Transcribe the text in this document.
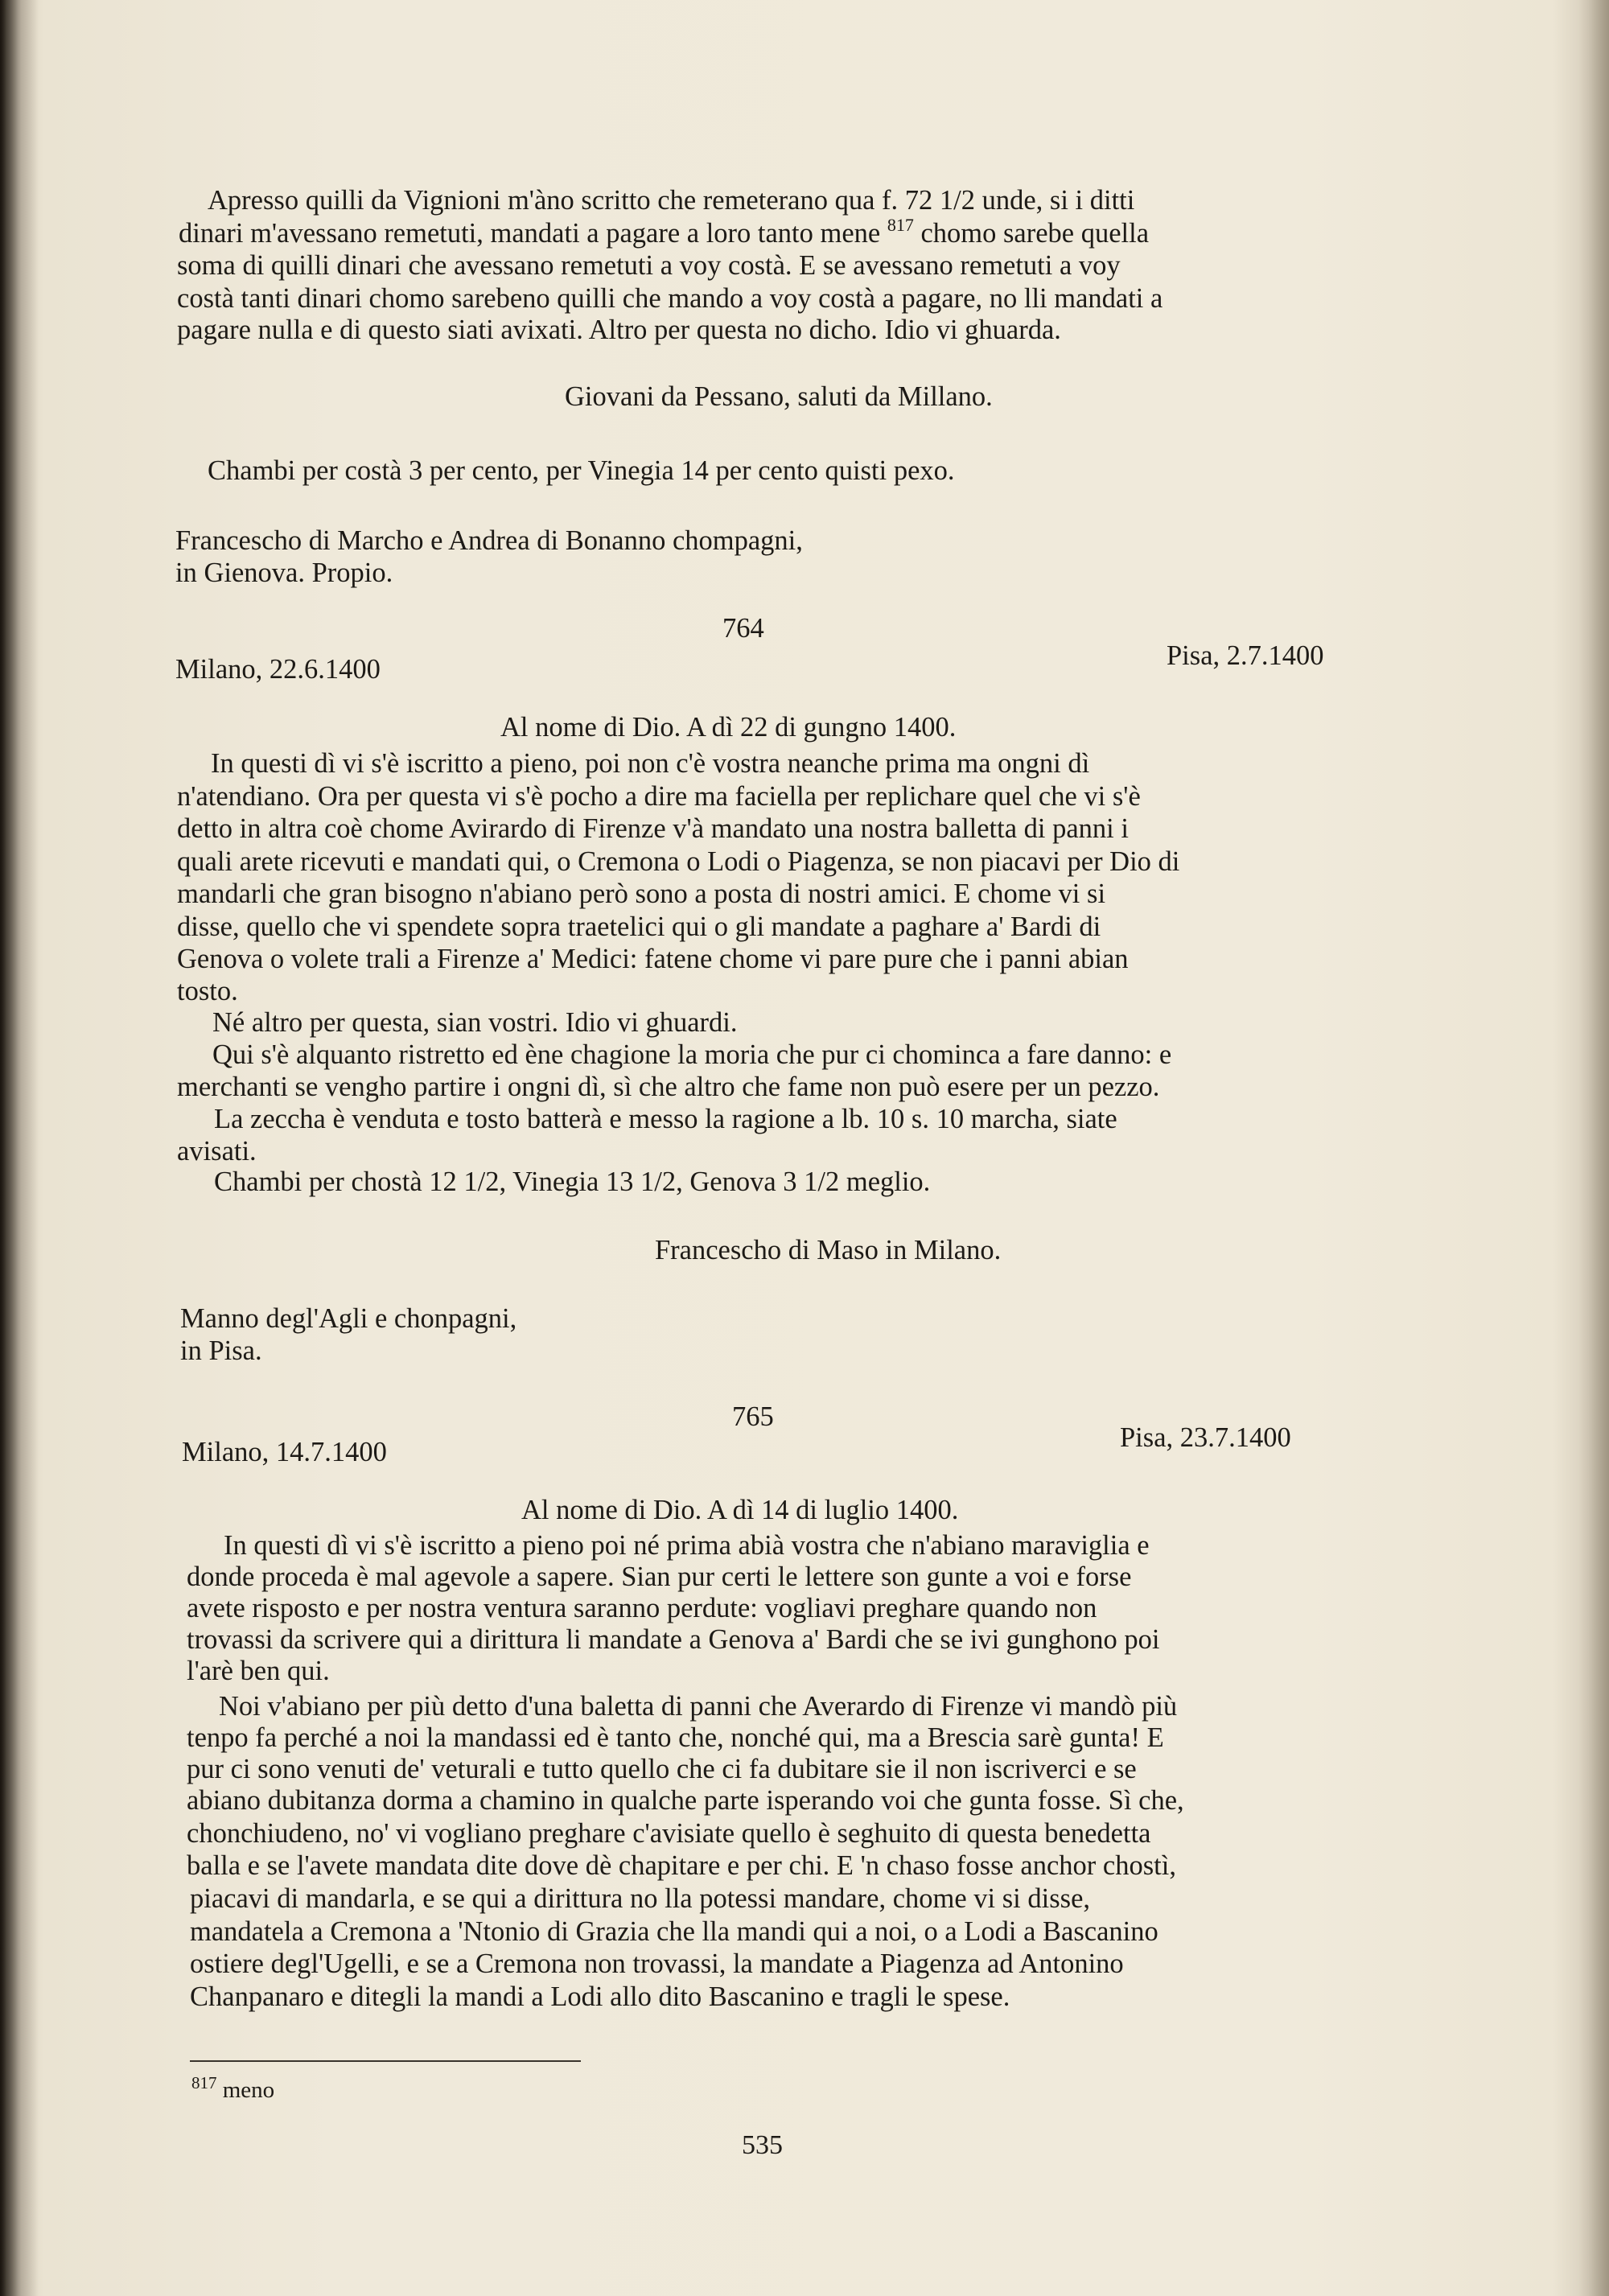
Apresso quilli da Vignioni m'àno scritto che remeterano qua f. 72 1/2 unde, si i ditti
dinari m'avessano remetuti, mandati a pagare a loro tanto mene $^{817}$ chomo sarebe quella
soma di quilli dinari che avessano remetuti a voy costà. E se avessano remetuti a voy
costà tanti dinari chomo sarebeno quilli che mando a voy costà a pagare, no lli mandati a
pagare nulla e di questo siati avixati. Altro per questa no dicho. Idio vi ghuarda.
Giovani da Pessano, saluti da Millano.
Chambi per costà 3 per cento, per Vinegia 14 per cento quisti pexo.
Francescho di Marcho e Andrea di Bonanno chompagni,
in Gienova. Propio.
764
Milano, 22.6.1400	Pisa, 2.7.1400
Al nome di Dio. A dì 22 di gungno 1400.
In questi dì vi s'è iscritto a pieno, poi non c'è vostra neanche prima ma ongni dì
n'atendiano. Ora per questa vi s'è pocho a dire ma faciella per replichare quel che vi s'è
detto in altra coè chome Avirardo di Firenze v'à mandato una nostra balletta di panni i
quali arete ricevuti e mandati qui, o Cremona o Lodi o Piagenza, se non piacavi per Dio di
mandarli che gran bisogno n'abiano però sono a posta di nostri amici. E chome vi si
disse, quello che vi spendete sopra traetelici qui o gli mandate a paghare a' Bardi di
Genova o volete trali a Firenze a' Medici: fatene chome vi pare pure che i panni abian
tosto.
Né altro per questa, sian vostri. Idio vi ghuardi.
Qui s'è alquanto ristretto ed ène chagione la moria che pur ci chominca a fare danno: e
merchanti se vengho partire i ongni dì, sì che altro che fame non può esere per un pezzo.
La zeccha è venduta e tosto batterà e messo la ragione a lb. 10 s. 10 marcha, siate
avisati.
Chambi per chostà 12 1/2, Vinegia 13 1/2, Genova 3 1/2 meglio.
Francescho di Maso in Milano.
Manno degl'Agli e chonpagni,
in Pisa.
765
Milano, 14.7.1400	Pisa, 23.7.1400
Al nome di Dio. A dì 14 di luglio 1400.
In questi dì vi s'è iscritto a pieno poi né prima abià vostra che n'abiano maraviglia e
donde proceda è mal agevole a sapere. Sian pur certi le lettere son gunte a voi e forse
avete risposto e per nostra ventura saranno perdute: vogliavi preghare quando non
trovassi da scrivere qui a dirittura li mandate a Genova a' Bardi che se ivi gunghono poi
l'arè ben qui.
Noi v'abiano per più detto d'una baletta di panni che Averardo di Firenze vi mandò più
tenpo fa perché a noi la mandassi ed è tanto che, nonché qui, ma a Brescia sarè gunta! E
pur ci sono venuti de' veturali e tutto quello che ci fa dubitare sie il non iscriverci e se
abiano dubitanza dorma a chamino in qualche parte isperando voi che gunta fosse. Sì che,
chonchiudeno, no' vi vogliano preghare c'avisiate quello è seghuito di questa benedetta
balla e se l'avete mandata dite dove dè chapitare e per chi. E 'n chaso fosse anchor chostì,
piacavi di mandarla, e se qui a dirittura no lla potessi mandare, chome vi si disse,
mandatela a Cremona a 'Ntonio di Grazia che lla mandi qui a noi, o a Lodi a Bascanino
ostiere degl'Ugelli, e se a Cremona non trovassi, la mandate a Piagenza ad Antonino
Chanpanaro e ditegli la mandi a Lodi allo dito Bascanino e tragli le spese.
$^{817}$ meno
535
